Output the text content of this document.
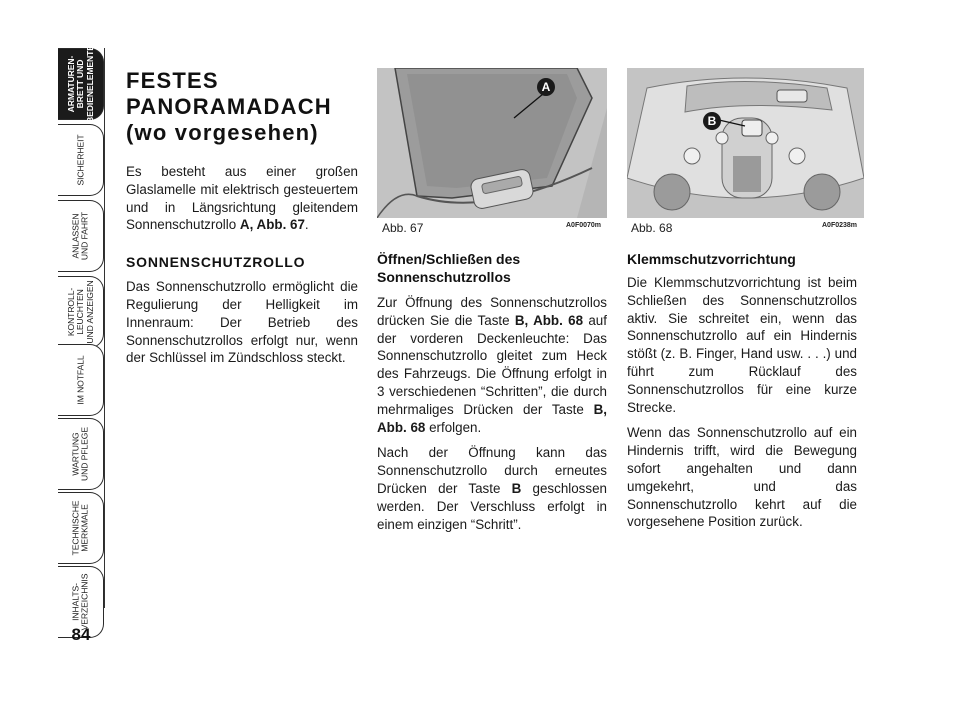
ARMATUREN-
BRETT UND
BEDIENELEMENTE
SICHERHEIT
ANLASSEN
UND FAHRT
KONTROLL-
LEUCHTEN
UND ANZEIGEN
IM NOTFALL
WARTUNG
UND PFLEGE
TECHNISCHE
MERKMALE
INHALTS-
VERZEICHNIS
84
FESTES
PANORAMADACH
(wo vorgesehen)

Es besteht aus einer großen Glaslamelle mit elektrisch gesteuertem und in Längsrichtung gleitendem Sonnenschutzrollo A, Abb. 67.

SONNENSCHUTZROLLO

Das Sonnenschutzrollo ermöglicht die Regulierung der Helligkeit im Innenraum: Der Betrieb des Sonnenschutzrollos erfolgt nur, wenn der Schlüssel im Zündschloss steckt.

A
Abb. 67	A0F0070m
B
Abb. 68	A0F0238m

Öffnen/Schließen des
Sonnenschutzrollos

Zur Öffnung des Sonnenschutzrollos drücken Sie die Taste B, Abb. 68 auf der vorderen Deckenleuchte: Das Sonnenschutzrollo gleitet zum Heck des Fahrzeugs. Die Öffnung erfolgt in 3 verschiedenen “Schritten”, die durch mehrmaliges Drücken der Taste B, Abb. 68 erfolgen.

Nach der Öffnung kann das Sonnenschutzrollo durch erneutes Drücken der Taste B geschlossen werden. Der Verschluss erfolgt in einem einzigen “Schritt”.

Klemmschutzvorrichtung

Die Klemmschutzvorrichtung ist beim Schließen des Sonnenschutzrollos aktiv. Sie schreitet ein, wenn das Sonnenschutzrollo auf ein Hindernis stößt (z. B. Finger, Hand usw. . . .) und führt zum Rücklauf des Sonnenschutzrollos für eine kurze Strecke.

Wenn das Sonnenschutzrollo auf ein Hindernis trifft, wird die Bewegung sofort angehalten und dann umgekehrt, und das Sonnenschutzrollo kehrt auf die vorgesehene Position zurück.
